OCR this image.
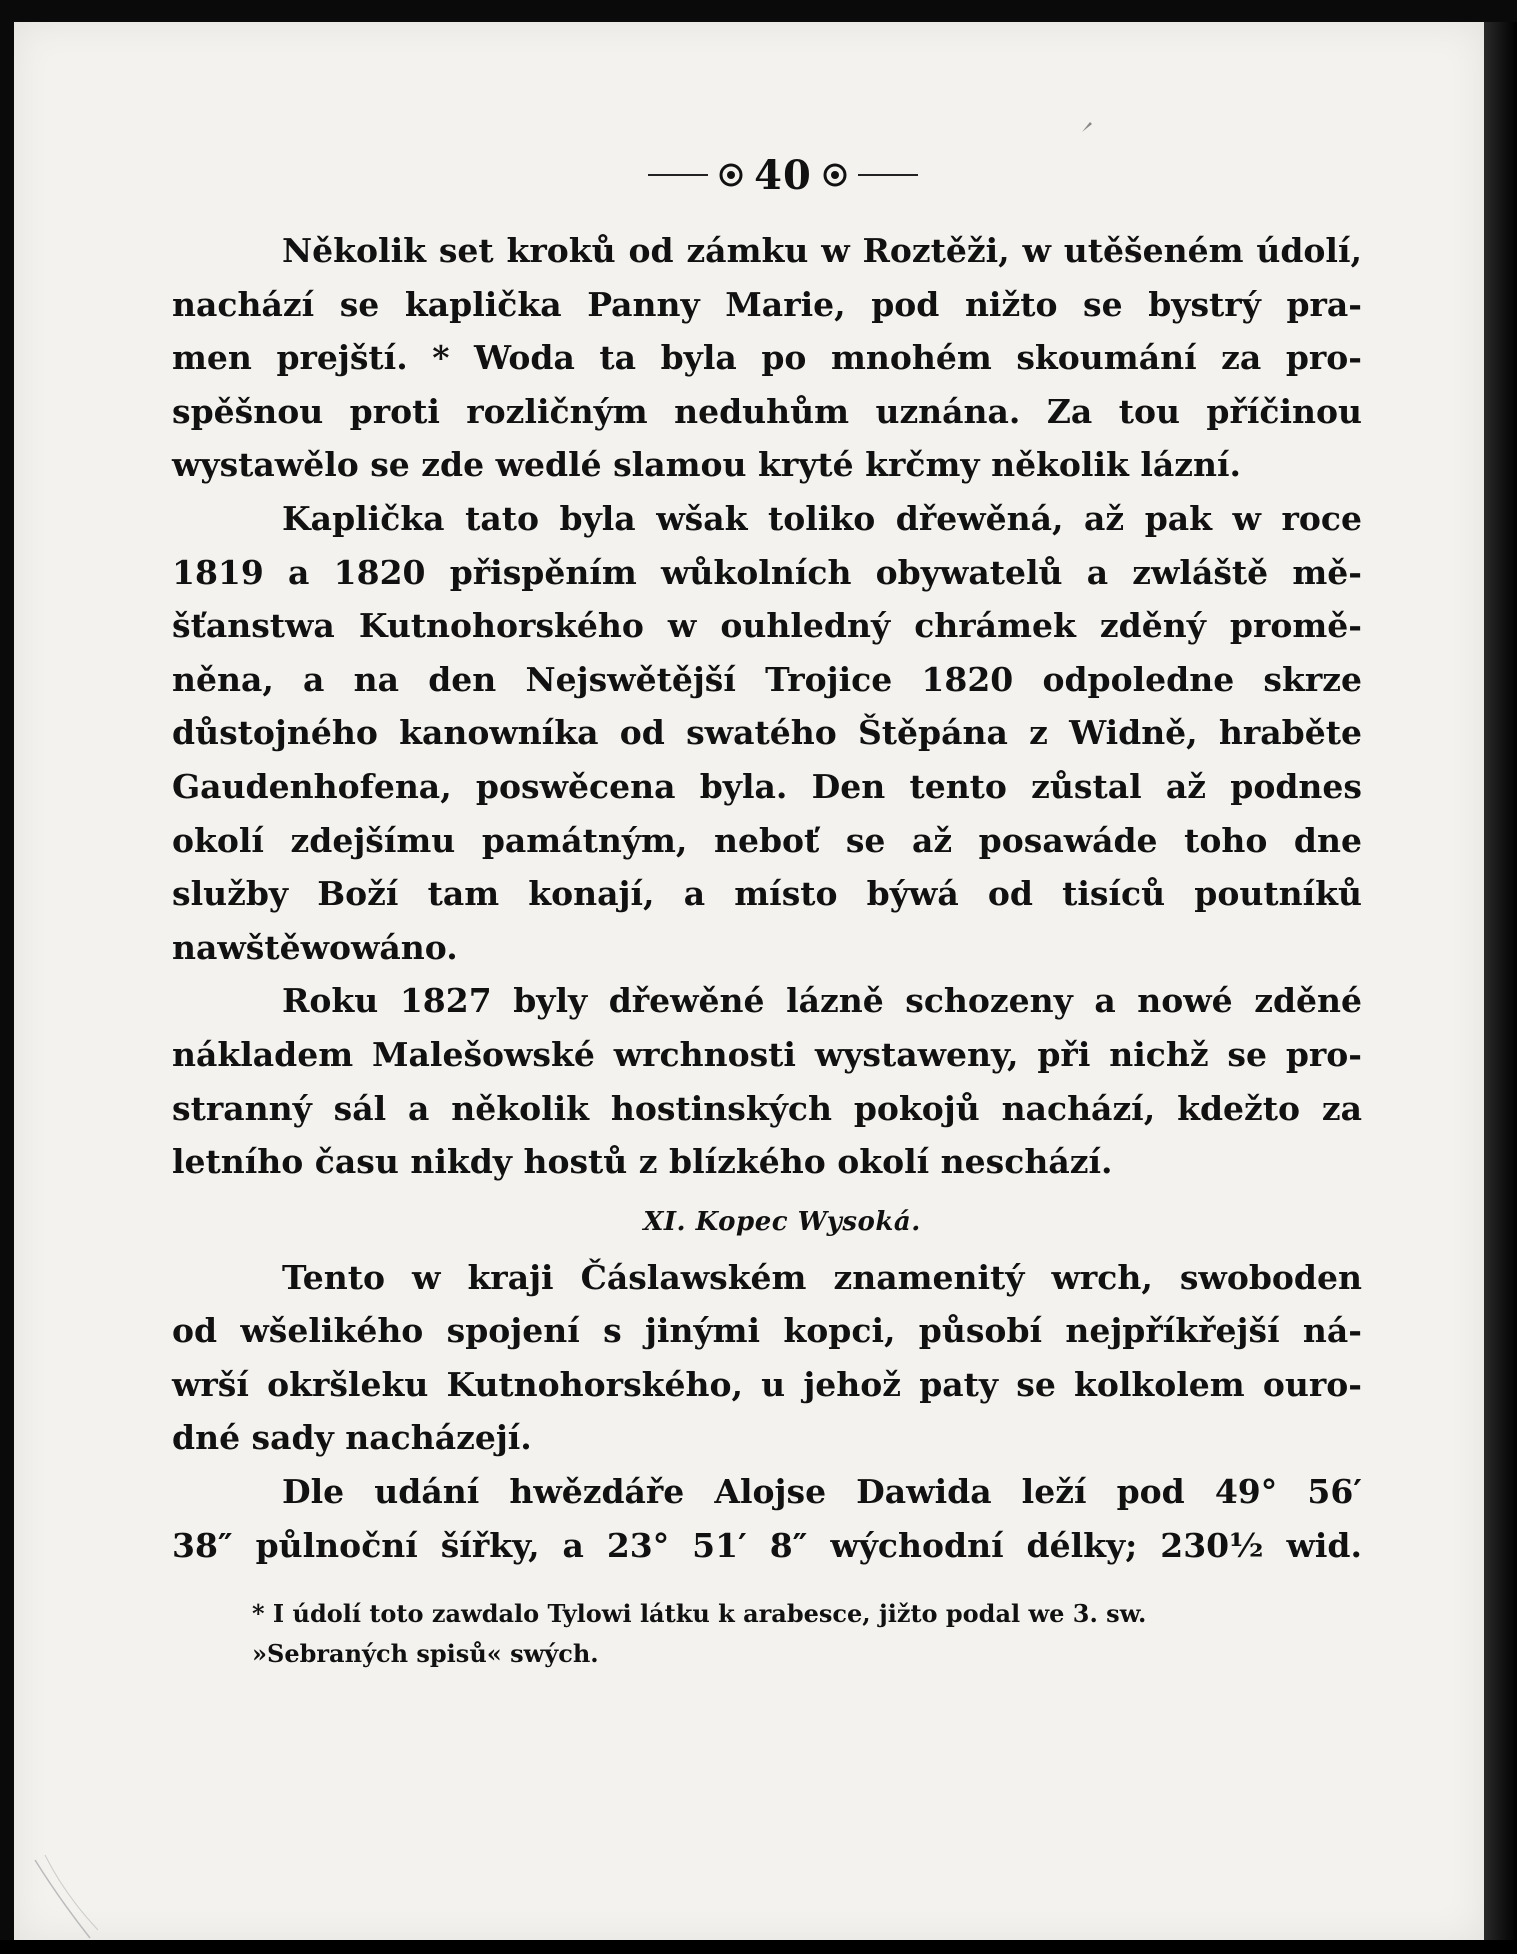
40

Několik set kroků od zámku w Roztěži, w utěšeném údolí,
nachází se kaplička Panny Marie, pod nižto se bystrý pra-
men prejští. * Woda ta byla po mnohém skoumání za pro-
spěšnou proti rozličným neduhům uznána. Za tou příčinou
wystawělo se zde wedlé slamou kryté krčmy několik lázní.

Kaplička tato byla wšak toliko dřewěná, až pak w roce
1819 a 1820 přispěním wůkolních obywatelů a zwláště mě-
šťanstwa Kutnohorského w ouhledný chrámek zděný promě-
něna, a na den Nejswětější Trojice 1820 odpoledne skrze
důstojného kanowníka od swatého Štěpána z Widně, hraběte
Gaudenhofena, poswěcena byla. Den tento zůstal až podnes
okolí zdejšímu památným, neboť se až posawáde toho dne
služby Boží tam konají, a místo býwá od tisíců poutníků
nawštěwowáno.

Roku 1827 byly dřewěné lázně schozeny a nowé zděné
nákladem Malešowské wrchnosti wystaweny, při nichž se pro-
stranný sál a několik hostinských pokojů nachází, kdežto za
letního času nikdy hostů z blízkého okolí neschází.

XI. Kopec Wysoká.

Tento w kraji Čáslawském znamenitý wrch, swoboden
od wšelikého spojení s jinými kopci, působí nejpříkřejší ná-
wrší okršleku Kutnohorského, u jehož paty se kolkolem ouro-
dné sady nacházejí.

Dle udání hwězdáře Alojse Dawida leží pod 49° 56′
38″ půlnoční šířky, a 23° 51′ 8″ wýchodní délky; 230½ wid.

* I údolí toto zawdalo Tylowi látku k arabesce, jižto podal we 3. sw.
»Sebraných spisů« swých.
